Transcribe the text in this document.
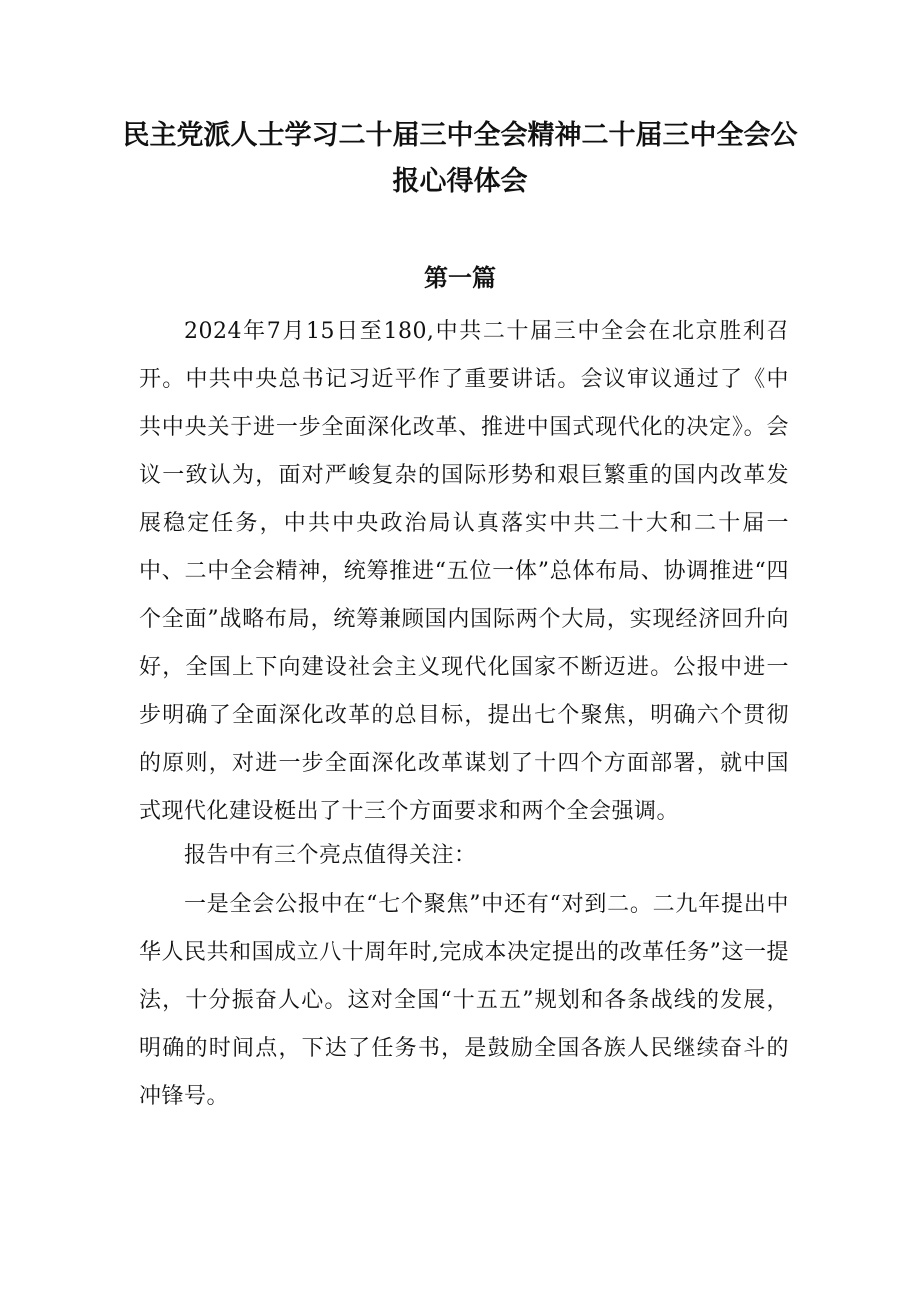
民主党派人士学习二十届三中全会精神二十届三中全会公
报心得体会
第一篇

2024年7月15日至180,中共二十届三中全会在北京胜利召开。中共中央总书记习近平作了重要讲话。会议审议通过了《中共中央关于进一步全面深化改革、推进中国式现代化的决定》。会议一致认为，面对严峻复杂的国际形势和艰巨繁重的国内改革发展稳定任务，中共中央政治局认真落实中共二十大和二十届一中、二中全会精神，统筹推进“五位一体”总体布局、协调推进“四个全面”战略布局，统筹兼顾国内国际两个大局，实现经济回升向好，全国上下向建设社会主义现代化国家不断迈进。公报中进一步明确了全面深化改革的总目标，提出七个聚焦，明确六个贯彻的原则，对进一步全面深化改革谋划了十四个方面部署，就中国式现代化建设梃出了十三个方面要求和两个全会强调。

报告中有三个亮点值得关注：

一是全会公报中在“七个聚焦”中还有“对到二。二九年提出中华人民共和国成立八十周年时,完成本决定提出的改革任务”这一提法，十分振奋人心。这对全国“十五五”规划和各条战线的发展，明确的时间点，下达了任务书，是鼓励全国各族人民继续奋斗的冲锋号。
